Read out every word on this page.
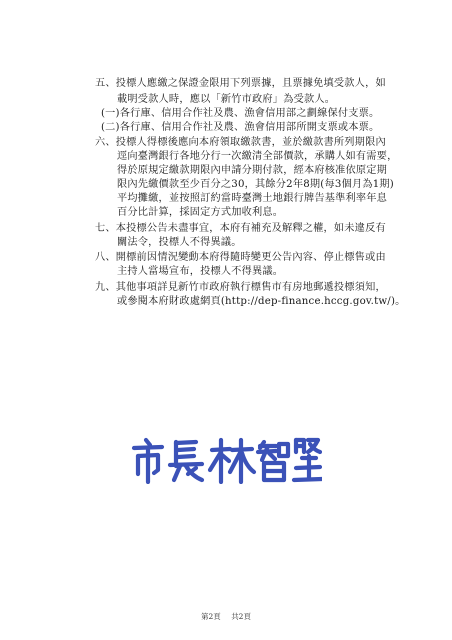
五、投標人應繳之保證金限用下列票據，且票據免填受款人，如
載明受款人時，應以「新竹市政府」為受款人。
(一)各行庫、信用合作社及農、漁會信用部之劃線保付支票。
(二)各行庫、信用合作社及農、漁會信用部所開支票或本票。
六、投標人得標後應向本府領取繳款書，並於繳款書所列期限內
逕向臺灣銀行各地分行一次繳清全部價款，承購人如有需要，
得於原規定繳款期限內申請分期付款，經本府核准依原定期
限內先繳價款至少百分之30，其餘分2年8期(每3個月為1期)
平均攤繳，並按照訂約當時臺灣土地銀行牌告基準利率年息
百分比計算，採固定方式加收利息。
七、本投標公告未盡事宜，本府有補充及解釋之權，如未違反有
關法令，投標人不得異議。
八、開標前因情況變動本府得隨時變更公告內容、停止標售或由
主持人當場宣布，投標人不得異議。
九、其他事項詳見新竹市政府執行標售市有房地郵遞投標須知，
或參閱本府財政處網頁(http://dep-finance.hccg.gov.tw/)。
第2頁 共2頁
